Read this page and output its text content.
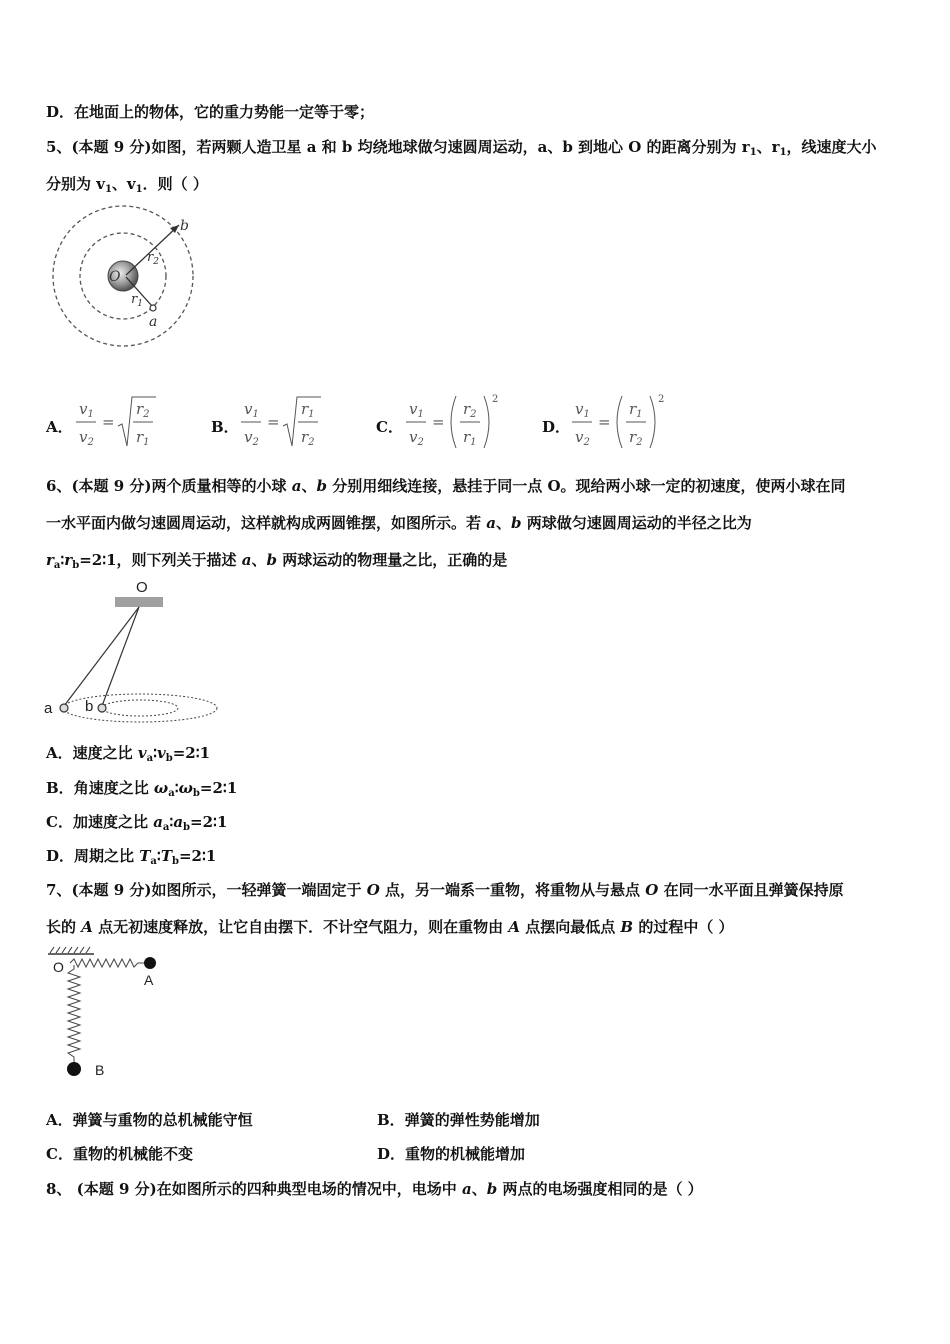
D．在地面上的物体，它的重力势能一定等于零；
5、(本题 9 分)如图，若两颗人造卫星 a 和 b 均绕地球做匀速圆周运动，a、b 到地心 O 的距离分别为 $r_1$、$r_1$，线速度大小
分别为 $v_1$、$v_1$．则（ ）
O
b
a
$r_2$
$r_1$
A．
$v_1$
$v_2$
=
$r_2$
$r_1$
B．
$v_1$
$v_2$
=
$r_1$
$r_2$
C．
$v_1$
$v_2$
=
$r_2$
$r_1$
2
D．
$v_1$
$v_2$
=
$r_1$
$r_2$
2
6、(本题 9 分)两个质量相等的小球 a、b 分别用细线连接，悬挂于同一点 O。现给两小球一定的初速度，使两小球在同
一水平面内做匀速圆周运动，这样就构成两圆锥摆，如图所示。若 a、b 两球做匀速圆周运动的半径之比为
$r_a∶r_b=2∶1$，则下列关于描述 a、b 两球运动的物理量之比，正确的是
O
a b
A．速度之比 $v_a∶v_b=2∶1$
B．角速度之比 $\omega_a∶\omega_b=2∶1$
C．加速度之比 $a_a∶a_b=2∶1$
D．周期之比 $T_a∶T_b=2∶1$
7、(本题 9 分)如图所示，一轻弹簧一端固定于 O 点，另一端系一重物，将重物从与悬点 O 在同一水平面且弹簧保持原
长的 A 点无初速度释放，让它自由摆下．不计空气阻力，则在重物由 A 点摆向最低点 B 的过程中（ ）
O
A
B
A．弹簧与重物的总机械能守恒	B．弹簧的弹性势能增加
C．重物的机械能不变	D．重物的机械能增加
8、 (本题 9 分)在如图所示的四种典型电场的情况中，电场中 a、b 两点的电场强度相同的是（ ）
